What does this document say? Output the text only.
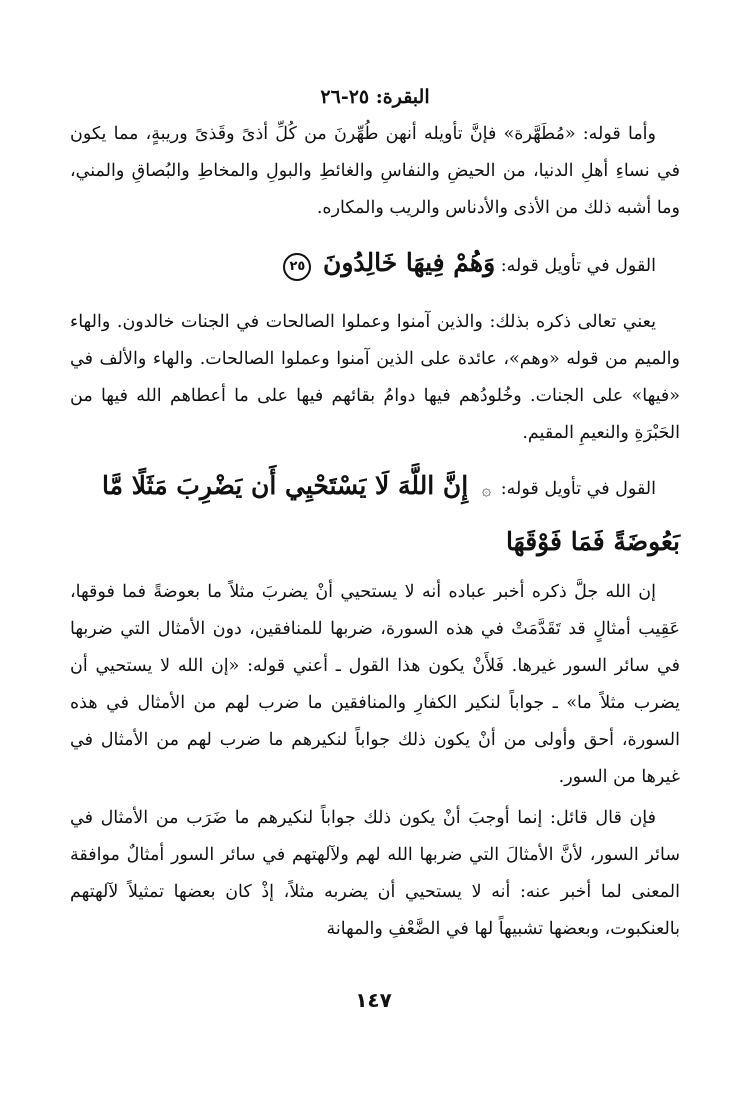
البقرة: ٢٥-٢٦

وأما قوله: «مُطَهَّرة» فإنَّ تأويله أنهن طُهِّرنَ من كُلِّ أذىً وقَذىً وريبةٍ، مما يكون في نساءِ أهلِ الدنيا، من الحيضِ والنفاسِ والغائطِ والبولِ والمخاطِ والبُصاقِ والمني، وما أشبه ذلك من الأذى والأدناس والريب والمكاره.

القول في تأويل قوله: وَهُمْ فِيهَا خَالِدُونَ ٢٥

يعني تعالى ذكره بذلك: والذين آمنوا وعملوا الصالحات في الجنات خالدون. والهاء والميم من قوله «وهم»، عائدة على الذين آمنوا وعملوا الصالحات. والهاء والألف في «فيها» على الجنات. وخُلودُهم فيها دوامُ بقائهم فيها على ما أعطاهم الله فيها من الحَبْرَةِ والنعيمِ المقيم.

القول في تأويل قوله: ۞ إِنَّ اللَّهَ لَا يَسْتَحْيِي أَن يَضْرِبَ مَثَلًا مَّا
بَعُوضَةً فَمَا فَوْقَهَا

إن الله جلَّ ذكره أخبر عباده أنه لا يستحيي أنْ يضربَ مثلاً ما بعوضةً فما فوقها، عَقِيب أمثالٍ قد تَقَدَّمَتْ في هذه السورة، ضربها للمنافقين، دون الأمثال التي ضربها في سائر السور غيرها. فَلأَنْ يكون هذا القول ـ أعني قوله: «إن الله لا يستحيي أن يضرب مثلاً ما» ـ جواباً لنكير الكفارِ والمنافقين ما ضرب لهم من الأمثال في هذه السورة، أحق وأولى من أنْ يكون ذلك جواباً لنكيرهم ما ضرب لهم من الأمثال في غيرها من السور.

فإن قال قائل: إنما أوجبَ أنْ يكون ذلك جواباً لنكيرهم ما ضَرَب من الأمثال في سائر السور، لأنَّ الأمثالَ التي ضربها الله لهم ولآلهتهم في سائر السور أمثالٌ موافقة المعنى لما أخبر عنه: أنه لا يستحيي أن يضربه مثلاً، إذْ كان بعضها تمثيلاً لآلهتهم بالعنكبوت، وبعضها تشبيهاً لها في الضَّعْفِ والمهانة

١٤٧
